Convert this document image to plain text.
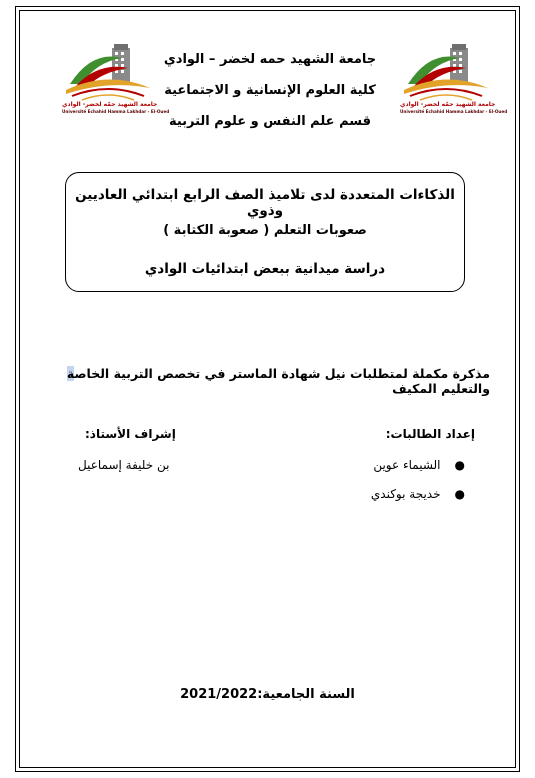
جامعة الشهيد حمّه لخضر- الوادي
Université Echahid Hamma Lakhdar - El-Oued
جامعة الشهيد حمّه لخضر- الوادي
Université Echahid Hamma Lakhdar - El-Oued
جامعة الشهيد حمه لخضر – الوادي
كلية العلوم الإنسانية و الاجتماعية
قسم علم النفس و علوم التربية
الذكاءات المتعددة لدى تلاميذ الصف الرابع ابتدائي العاديين وذوي
صعوبات التعلم ( صعوبة الكتابة )
دراسة ميدانية ببعض ابتدائيات الوادي
مذكرة مكملة لمتطلبات نيل شهادة الماستر في تخصص التربية الخاصة والتعليم المكيف
إعداد الطالبات:
إشراف الأستاذ:
●الشيماء عوين
●خديجة بوكندي
بن خليفة إسماعيل
السنة الجامعية:2021/2022
